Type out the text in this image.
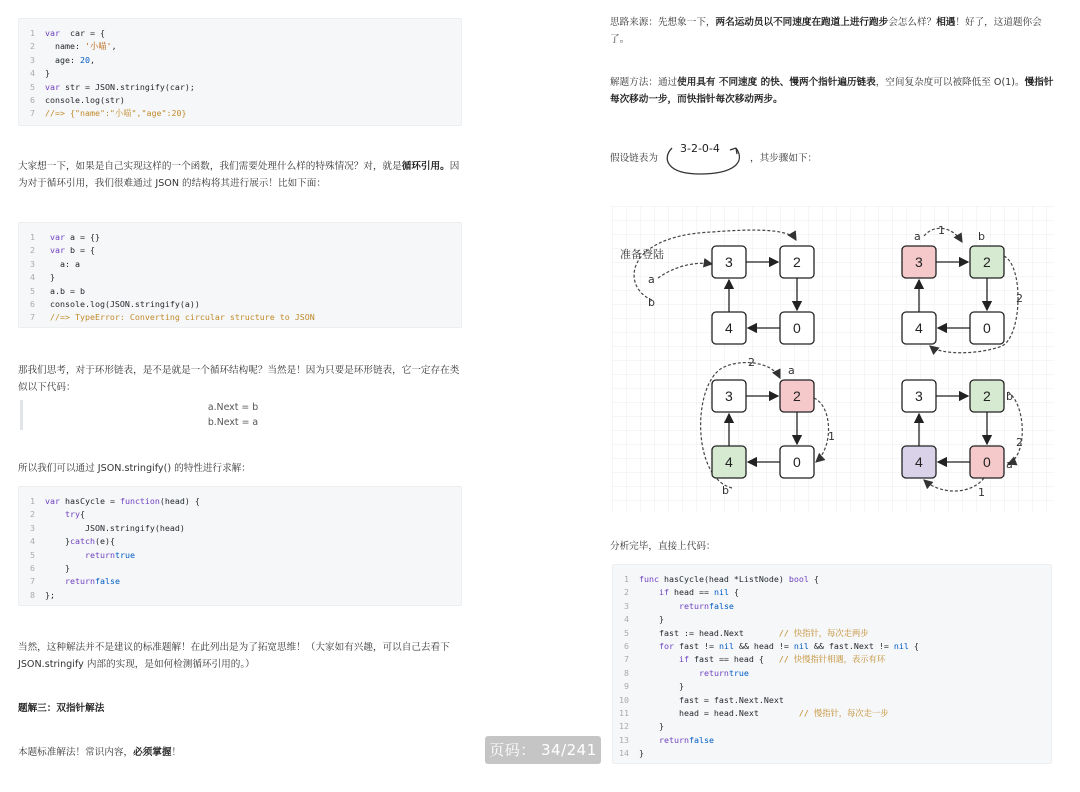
1	var  car = {
2	name: '小喵',
3	age: 20,
4	}
5	var str = JSON.stringify(car);
6	console.log(str)
7	//=> {"name":"小喵","age":20}
大家想一下，如果是自己实现这样的一个函数，我们需要处理什么样的特殊情况？对，就是循环引用。因为对于循环引用，我们很难通过 JSON 的结构将其进行展示！比如下面：
1	var a = {}
2	var b = {
3	a: a
4	}
5	a.b = b
6	console.log(JSON.stringify(a))
7	//=> TypeError: Converting circular structure to JSON
那我们思考，对于环形链表，是不是就是一个循环结构呢？当然是！因为只要是环形链表，它一定存在类似以下代码：
a.Next = b
b.Next = a
所以我们可以通过 JSON.stringify() 的特性进行求解：
1	var hasCycle = function(head) {
2	try{
3	JSON.stringify(head)
4	}catch(e){
5	returntrue
6	}
7	returnfalse
8	};
当然，这种解法并不是建议的标准题解！在此列出是为了拓宽思维！（大家如有兴趣，可以自己去看下 JSON.stringify 内部的实现，是如何检测循环引用的。）
题解三：双指针解法
本题标准解法！常识内容，必须掌握！
思路来源：先想象一下，两名运动员以不同速度在跑道上进行跑步会怎么样？相遇！好了，这道题你会了。
解题方法：通过使用具有 不同速度 的快、慢两个指针遍历链表，空间复杂度可以被降低至 O(1)。慢指针每次移动一步，而快指针每次移动两步。
假设链表为
3-2-0-4
，其步骤如下：
准备登陆
a
b
3	2
0
4
a	b
1
2
3	2
0
4
2
a
1
b
3	2
0
4
b
2
a
1
3	2
0
4
分析完毕，直接上代码：
1	func hasCycle(head *ListNode) bool {
2	if head == nil {
3	returnfalse
4	}
5	fast := head.Next       // 快指针，每次走两步
6	for fast != nil && head != nil && fast.Next != nil {
7	if fast == head {   // 快慢指针相遇，表示有环
8	returntrue
9	}
10	fast = fast.Next.Next
11	head = head.Next        // 慢指针，每次走一步
12	}
13	returnfalse
14	}
页码： 34/241
